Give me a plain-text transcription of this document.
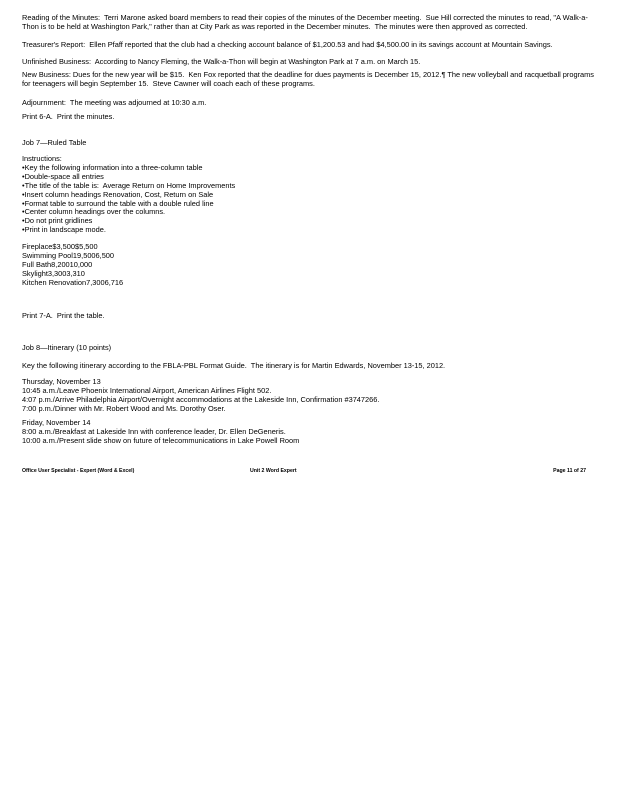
Reading of the Minutes:  Terri Marone asked board members to read their copies of the minutes of the December meeting.  Sue Hill corrected the minutes to read, "A Walk-a-Thon is to be held at Washington Park," rather than at City Park as was reported in the December minutes.  The minutes were then approved as corrected.

Treasurer's Report:  Ellen Pfaff reported that the club had a checking account balance of $1,200.53 and had $4,500.00 in its savings account at Mountain Savings.

Unfinished Business:  According to Nancy Fleming, the Walk-a-Thon will begin at Washington Park at 7 a.m. on March 15.

New Business: Dues for the new year will be $15.  Ken Fox reported that the deadline for dues payments is December 15, 2012.¶ The new volleyball and racquetball programs for teenagers will begin September 15.  Steve Cawner will coach each of these programs.

Adjournment:  The meeting was adjourned at 10:30 a.m.

Print 6-A.  Print the minutes.

Job 7—Ruled Table

Instructions:
•Key the following information into a three-column table
•Double-space all entries
•The title of the table is:  Average Return on Home Improvements
•Insert column headings Renovation, Cost, Return on Sale
•Format table to surround the table with a double ruled line
•Center column headings over the columns.
•Do not print gridlines
•Print in landscape mode.
Fireplace$3,500$5,500
Swimming Pool19,5006,500
Full Bath8,20010,000
Skylight3,3003,310
Kitchen Renovation7,3006,716

Print 7-A.  Print the table.

Job 8—Itinerary (10 points)

Key the following itinerary according to the FBLA-PBL Format Guide.  The itinerary is for Martin Edwards, November 13-15, 2012.

Thursday, November 13
10:45 a.m./Leave Phoenix International Airport, American Airlines Flight 502.
4:07 p.m./Arrive Philadelphia Airport/Overnight accommodations at the Lakeside Inn, Confirmation #3747266.
7:00 p.m./Dinner with Mr. Robert Wood and Ms. Dorothy Oser.
Friday, November 14
8:00 a.m./Breakfast at Lakeside Inn with conference leader, Dr. Ellen DeGeneris.
10:00 a.m./Present slide show on future of telecommunications in Lake Powell Room
Office User Specialist - Expert (Word & Excel)	Unit 2 Word Expert	Page 11 of 27
